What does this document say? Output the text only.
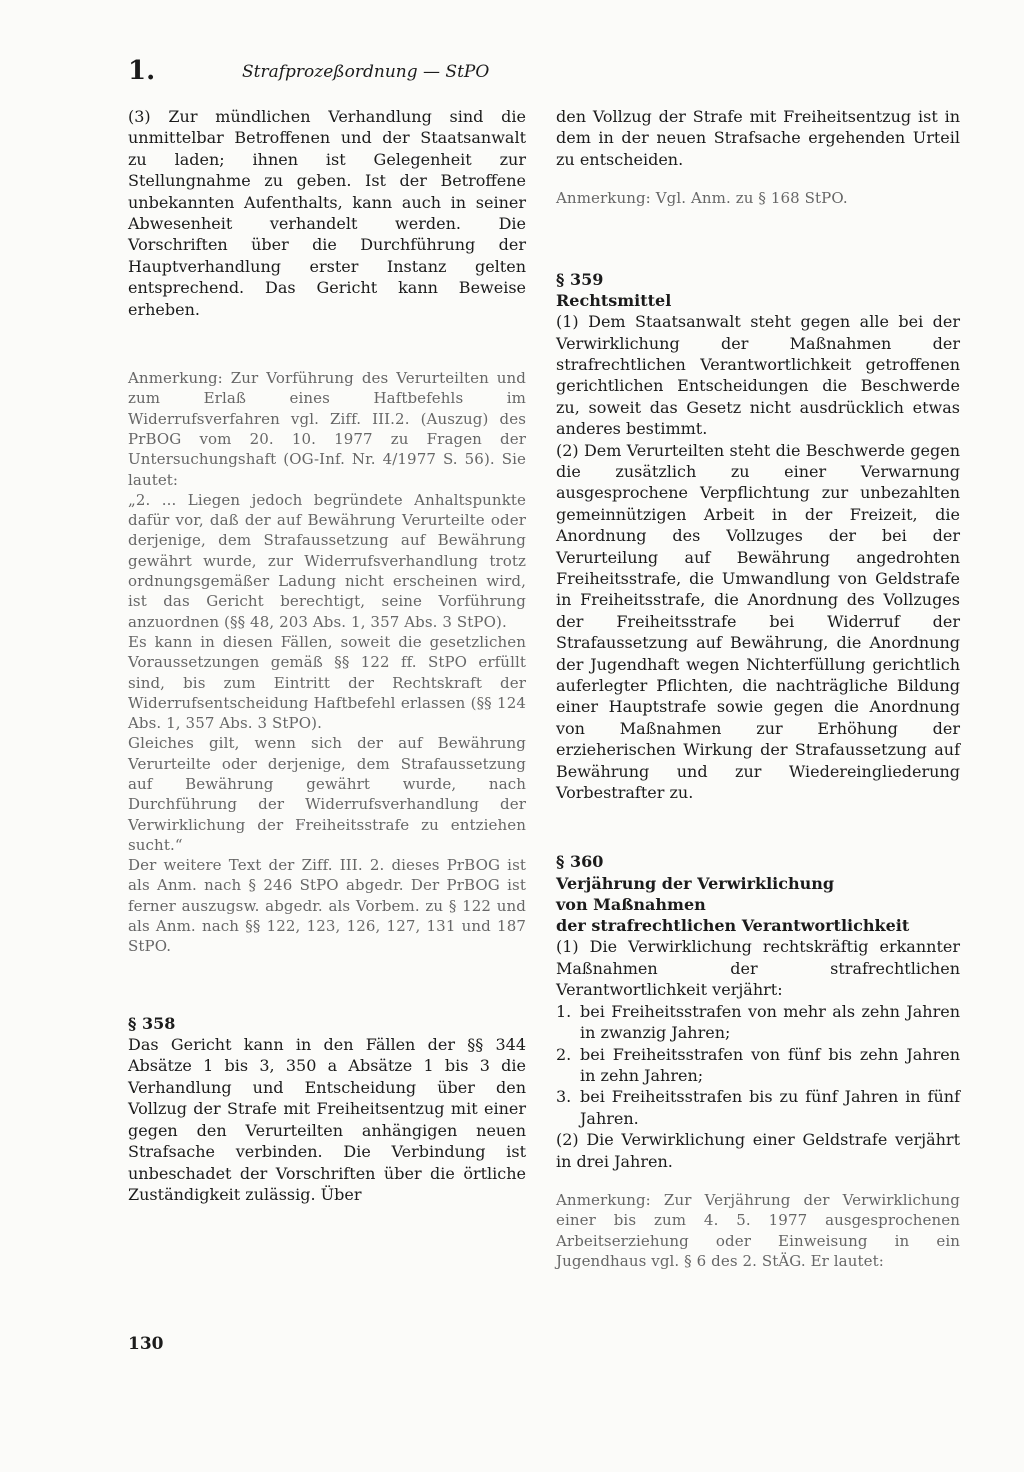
1.	Strafprozeßordnung — StPO

(3) Zur mündlichen Verhandlung sind die unmittelbar Betroffenen und der Staatsanwalt zu laden; ihnen ist Gelegenheit zur Stellungnahme zu geben. Ist der Betroffene unbekannten Aufenthalts, kann auch in seiner Abwesenheit verhandelt werden. Die Vorschriften über die Durchführung der Hauptverhandlung erster Instanz gelten entsprechend. Das Gericht kann Beweise erheben.

Anmerkung: Zur Vorführung des Verurteilten und zum Erlaß eines Haftbefehls im Widerrufsverfahren vgl. Ziff. III.2. (Auszug) des PrBOG vom 20. 10. 1977 zu Fragen der Untersuchungshaft (OG-Inf. Nr. 4/1977 S. 56). Sie lautet:

„2. ... Liegen jedoch begründete Anhaltspunkte dafür vor, daß der auf Bewährung Verurteilte oder derjenige, dem Strafaussetzung auf Bewährung gewährt wurde, zur Widerrufsverhandlung trotz ordnungsgemäßer Ladung nicht erscheinen wird, ist das Gericht berechtigt, seine Vorführung anzuordnen (§§ 48, 203 Abs. 1, 357 Abs. 3 StPO).

Es kann in diesen Fällen, soweit die gesetzlichen Voraussetzungen gemäß §§ 122 ff. StPO erfüllt sind, bis zum Eintritt der Rechtskraft der Widerrufsentscheidung Haftbefehl erlassen (§§ 124 Abs. 1, 357 Abs. 3 StPO).

Gleiches gilt, wenn sich der auf Bewährung Verurteilte oder derjenige, dem Strafaussetzung auf Bewährung gewährt wurde, nach Durchführung der Widerrufsverhandlung der Verwirklichung der Freiheitsstrafe zu entziehen sucht.“

Der weitere Text der Ziff. III. 2. dieses PrBOG ist als Anm. nach § 246 StPO abgedr. Der PrBOG ist ferner auszugsw. abgedr. als Vorbem. zu § 122 und als Anm. nach §§ 122, 123, 126, 127, 131 und 187 StPO.

§ 358

Das Gericht kann in den Fällen der §§ 344 Absätze 1 bis 3, 350 a Absätze 1 bis 3 die Verhandlung und Entscheidung über den Vollzug der Strafe mit Freiheitsentzug mit einer gegen den Verurteilten anhängigen neuen Strafsache verbinden. Die Verbindung ist unbeschadet der Vorschriften über die örtliche Zuständigkeit zulässig. Über

den Vollzug der Strafe mit Freiheitsentzug ist in dem in der neuen Strafsache ergehenden Urteil zu entscheiden.

Anmerkung: Vgl. Anm. zu § 168 StPO.

§ 359
Rechtsmittel

(1) Dem Staatsanwalt steht gegen alle bei der Verwirklichung der Maßnahmen der strafrechtlichen Verantwortlichkeit getroffenen gerichtlichen Entscheidungen die Beschwerde zu, soweit das Gesetz nicht ausdrücklich etwas anderes bestimmt.

(2) Dem Verurteilten steht die Beschwerde gegen die zusätzlich zu einer Verwarnung ausgesprochene Verpflichtung zur unbezahlten gemeinnützigen Arbeit in der Freizeit, die Anordnung des Vollzuges der bei der Verurteilung auf Bewährung angedrohten Freiheitsstrafe, die Umwandlung von Geldstrafe in Freiheitsstrafe, die Anordnung des Vollzuges der Freiheitsstrafe bei Widerruf der Strafaussetzung auf Bewährung, die Anordnung der Jugendhaft wegen Nichterfüllung gerichtlich auferlegter Pflichten, die nachträgliche Bildung einer Hauptstrafe sowie gegen die Anordnung von Maßnahmen zur Erhöhung der erzieherischen Wirkung der Strafaussetzung auf Bewährung und zur Wiedereingliederung Vorbestrafter zu.

§ 360
Verjährung der Verwirklichung
von Maßnahmen
der strafrechtlichen Verantwortlichkeit

(1) Die Verwirklichung rechtskräftig erkannter Maßnahmen der strafrechtlichen Verantwortlichkeit verjährt:

1. bei Freiheitsstrafen von mehr als zehn Jahren in zwanzig Jahren;
2. bei Freiheitsstrafen von fünf bis zehn Jahren in zehn Jahren;
3. bei Freiheitsstrafen bis zu fünf Jahren in fünf Jahren.

(2) Die Verwirklichung einer Geldstrafe verjährt in drei Jahren.

Anmerkung: Zur Verjährung der Verwirklichung einer bis zum 4. 5. 1977 ausgesprochenen Arbeitserziehung oder Einweisung in ein Jugendhaus vgl. § 6 des 2. StÄG. Er lautet:

130
